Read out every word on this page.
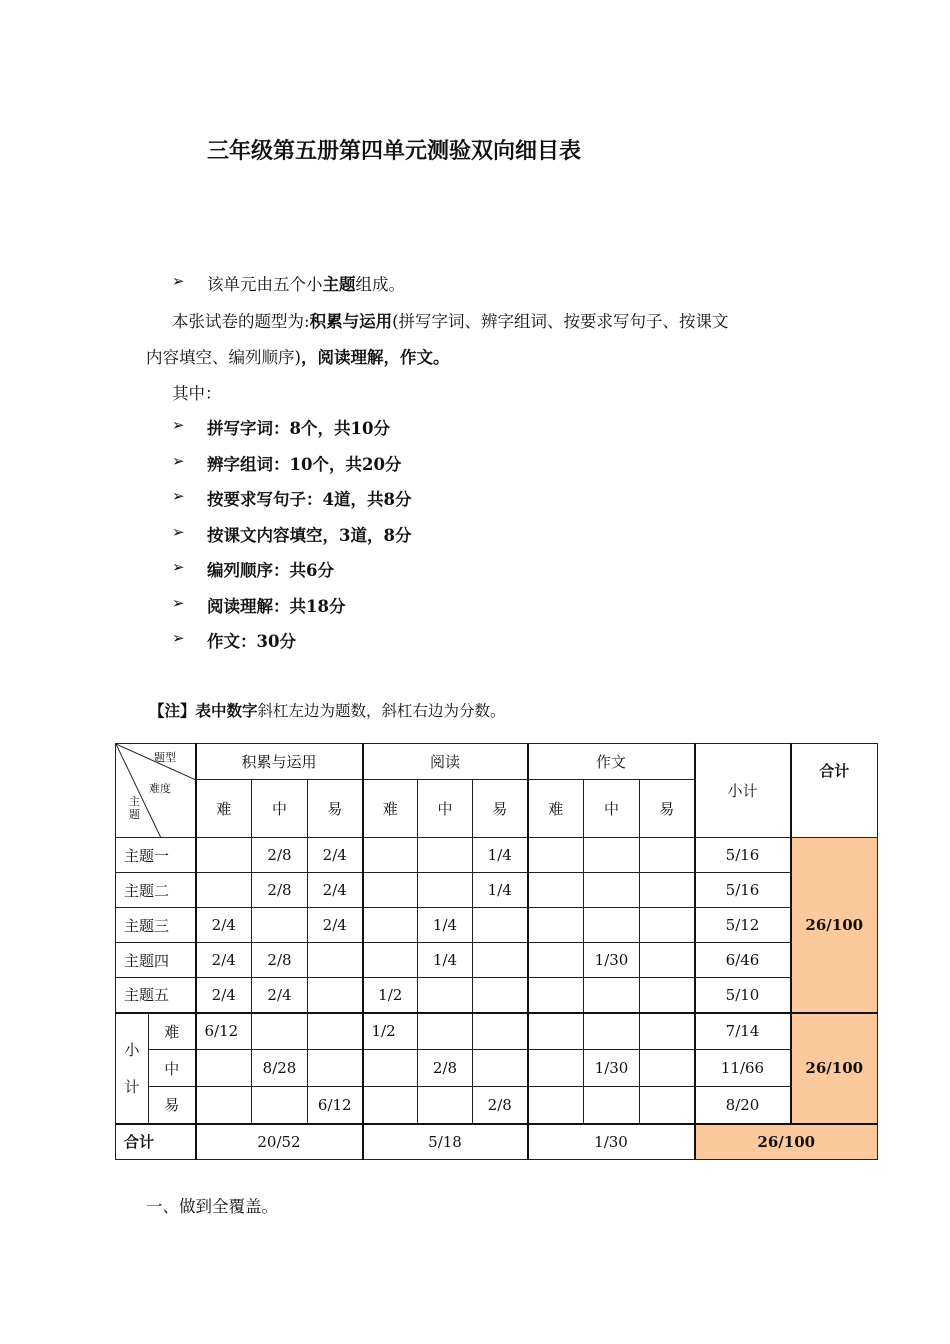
三年级第五册第四单元测验双向细目表
➢ 该单元由五个小主题组成。
本张试卷的题型为:积累与运用(拼写字词、辨字组词、按要求写句子、按课文
内容填空、编列顺序)，阅读理解，作文。
其中：
➢ 拼写字词：8个，共10分
➢ 辨字组词：10个，共20分
➢ 按要求写句子：4道，共8分
➢ 按课文内容填空，3道，8分
➢ 编列顺序：共6分
➢ 阅读理解：共18分
➢ 作文：30分
【注】表中数字斜杠左边为题数，斜杠右边为分数。
题型
难度
主
题		积累与运用			阅读			作文			小计	合计
		难	中	易	难	中	易	难	中	易		
主题一			2/8	2/4			1/4				5/16	26/100
主题二			2/8	2/4			1/4				5/16	
主题三		2/4		2/4		1/4					5/12	
主题四		2/4	2/8			1/4			1/30		6/46	
主题五		2/4	2/4		1/2						5/10	

小
计	难	6/12			1/2						7/14	26/100
	中		8/28			2/8			1/30		11/66	
	易			6/12			2/8				8/20	
合计		20/52			5/18			1/30			26/100	
一、做到全覆盖。
